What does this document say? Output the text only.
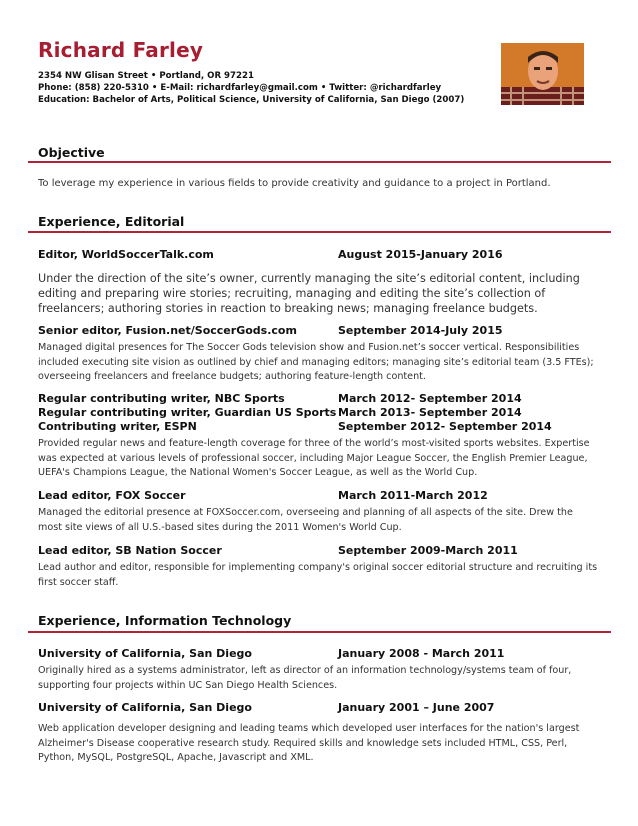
Richard Farley
2354 NW Glisan Street • Portland, OR 97221
Phone: (858) 220-5310 • E-Mail: richardfarley@gmail.com • Twitter: @richardfarley
Education: Bachelor of Arts, Political Science, University of California, San Diego (2007)
Objective
To leverage my experience in various fields to provide creativity and guidance to a project in Portland.
Experience, Editorial
Editor, WorldSoccerTalk.com	August 2015-January 2016
Under the direction of the site’s owner, currently managing the site’s editorial content, including editing and preparing wire stories; recruiting, managing and editing the site’s collection of freelancers; authoring stories in reaction to breaking news; managing freelance budgets.
Senior editor, Fusion.net/SoccerGods.com	September 2014-July 2015
Managed digital presences for The Soccer Gods television show and Fusion.net’s soccer vertical. Responsibilities included executing site vision as outlined by chief and managing editors; managing site’s editorial team (3.5 FTEs); overseeing freelancers and freelance budgets; authoring feature-length content.
Regular contributing writer, NBC Sports	March 2012- September 2014
Regular contributing writer, Guardian US Sports March 2013- September 2014
Contributing writer, ESPN	September 2012- September 2014
Provided regular news and feature-length coverage for three of the world’s most-visited sports websites. Expertise was expected at various levels of professional soccer, including Major League Soccer, the English Premier League, UEFA's Champions League, the National Women's Soccer League, as well as the World Cup.
Lead editor, FOX Soccer	March 2011-March 2012
Managed the editorial presence at FOXSoccer.com, overseeing and planning of all aspects of the site. Drew the most site views of all U.S.-based sites during the 2011 Women's World Cup.
Lead editor, SB Nation Soccer	September 2009-March 2011
Lead author and editor, responsible for implementing company's original soccer editorial structure and recruiting its first soccer staff.
Experience, Information Technology
University of California, San Diego	January 2008 - March 2011
Originally hired as a systems administrator, left as director of an information technology/systems team of four, supporting four projects within UC San Diego Health Sciences.
University of California, San Diego	January 2001 – June 2007
Web application developer designing and leading teams which developed user interfaces for the nation's largest Alzheimer's Disease cooperative research study. Required skills and knowledge sets included HTML, CSS, Perl, Python, MySQL, PostgreSQL, Apache, Javascript and XML.
